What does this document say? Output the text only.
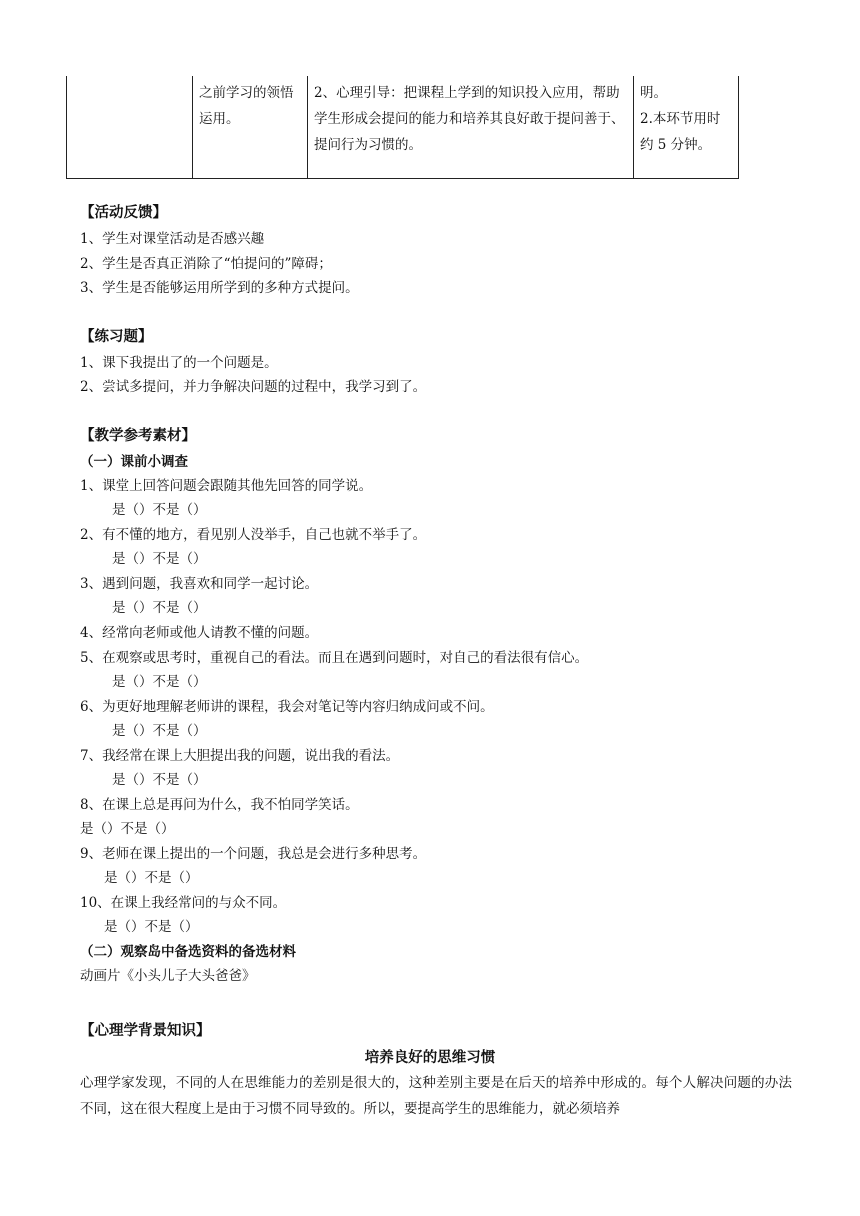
	之前学习的领悟运用。	2、心理引导：把课程上学到的知识投入应用，帮助学生形成会提问的能力和培养其良好敢于提问善于、提问行为习惯的。	明。
2.本环节用时约 5 分钟。
【活动反馈】
1、学生对课堂活动是否感兴趣
2、学生是否真正消除了“怕提问的”障碍；
3、学生是否能够运用所学到的多种方式提问。
【练习题】
1、课下我提出了的一个问题是。
2、尝试多提问，并力争解决问题的过程中，我学习到了。
【教学参考素材】
（一）课前小调查
1、课堂上回答问题会跟随其他先回答的同学说。
是（）不是（）
2、有不懂的地方，看见别人没举手，自己也就不举手了。
是（）不是（）
3、遇到问题，我喜欢和同学一起讨论。
是（）不是（）
4、经常向老师或他人请教不懂的问题。
5、在观察或思考时，重视自己的看法。而且在遇到问题时，对自己的看法很有信心。
是（）不是（）
6、为更好地理解老师讲的课程，我会对笔记等内容归纳成问或不问。
是（）不是（）
7、我经常在课上大胆提出我的问题，说出我的看法。
是（）不是（）
8、在课上总是再问为什么，我不怕同学笑话。
是（）不是（）
9、老师在课上提出的一个问题，我总是会进行多种思考。
是（）不是（）
10、在课上我经常问的与众不同。
是（）不是（）
（二）观察岛中备选资料的备选材料
动画片《小头儿子大头爸爸》
【心理学背景知识】
培养良好的思维习惯
心理学家发现，不同的人在思维能力的差别是很大的，这种差别主要是在后天的培养中形成的。每个人解决问题的办法不同，这在很大程度上是由于习惯不同导致的。所以，要提高学生的思维能力，就必须培养
